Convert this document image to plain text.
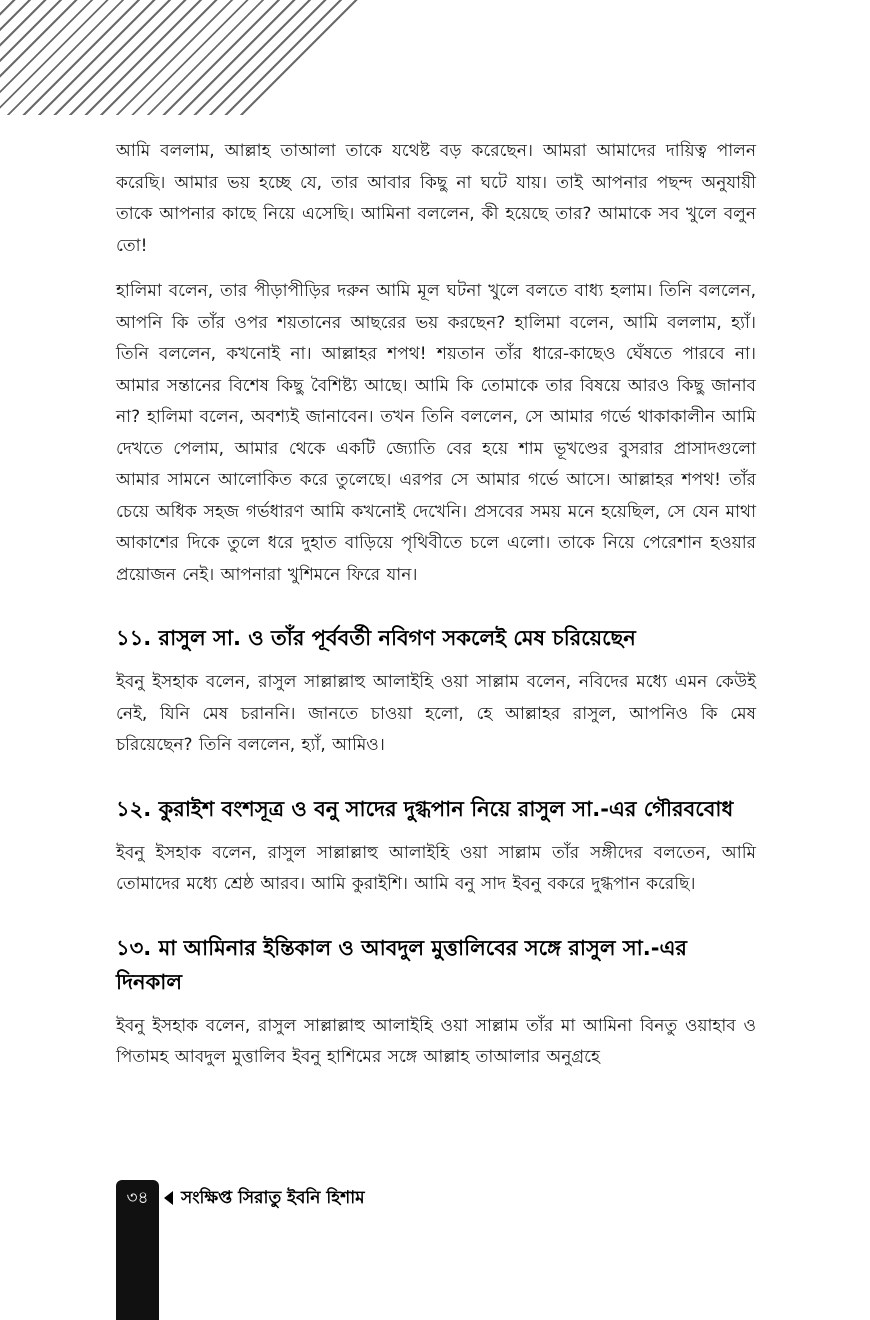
আমি বললাম, আল্লাহ তাআলা তাকে যথেষ্ট বড় করেছেন। আমরা আমাদের দায়িত্ব পালন করেছি। আমার ভয় হচ্ছে যে, তার আবার কিছু না ঘটে যায়। তাই আপনার পছন্দ অনুযায়ী তাকে আপনার কাছে নিয়ে এসেছি। আমিনা বললেন, কী হয়েছে তার? আমাকে সব খুলে বলুন তো!

হালিমা বলেন, তার পীড়াপীড়ির দরুন আমি মূল ঘটনা খুলে বলতে বাধ্য হলাম। তিনি বললেন, আপনি কি তাঁর ওপর শয়তানের আছরের ভয় করছেন? হালিমা বলেন, আমি বললাম, হ্যাঁ। তিনি বললেন, কখনোই না। আল্লাহর শপথ! শয়তান তাঁর ধারে-কাছেও ঘেঁষতে পারবে না। আমার সন্তানের বিশেষ কিছু বৈশিষ্ট্য আছে। আমি কি তোমাকে তার বিষয়ে আরও কিছু জানাব না? হালিমা বলেন, অবশ্যই জানাবেন। তখন তিনি বললেন, সে আমার গর্ভে থাকাকালীন আমি দেখতে পেলাম, আমার থেকে একটি জ্যোতি বের হয়ে শাম ভূখণ্ডের বুসরার প্রাসাদগুলো আমার সামনে আলোকিত করে তুলেছে। এরপর সে আমার গর্ভে আসে। আল্লাহর শপথ! তাঁর চেয়ে অধিক সহজ গর্ভধারণ আমি কখনোই দেখেনি। প্রসবের সময় মনে হয়েছিল, সে যেন মাথা আকাশের দিকে তুলে ধরে দুহাত বাড়িয়ে পৃথিবীতে চলে এলো। তাকে নিয়ে পেরেশান হওয়ার প্রয়োজন নেই। আপনারা খুশিমনে ফিরে যান।

১১. রাসুল সা. ও তাঁর পূর্ববর্তী নবিগণ সকলেই মেষ চরিয়েছেন

ইবনু ইসহাক বলেন, রাসুল সাল্লাল্লাহু আলাইহি ওয়া সাল্লাম বলেন, নবিদের মধ্যে এমন কেউই নেই, যিনি মেষ চরাননি। জানতে চাওয়া হলো, হে আল্লাহর রাসুল, আপনিও কি মেষ চরিয়েছেন? তিনি বললেন, হ্যাঁ, আমিও।

১২. কুরাইশ বংশসূত্র ও বনু সাদের দুগ্ধপান নিয়ে রাসুল সা.-এর গৌরববোধ

ইবনু ইসহাক বলেন, রাসুল সাল্লাল্লাহু আলাইহি ওয়া সাল্লাম তাঁর সঙ্গীদের বলতেন, আমি তোমাদের মধ্যে শ্রেষ্ঠ আরব। আমি কুরাইশি। আমি বনু সাদ ইবনু বকরে দুগ্ধপান করেছি।

১৩. মা আমিনার ইন্তিকাল ও আবদুল মুত্তালিবের সঙ্গে রাসুল সা.-এর দিনকাল

ইবনু ইসহাক বলেন, রাসুল সাল্লাল্লাহু আলাইহি ওয়া সাল্লাম তাঁর মা আমিনা বিনতু ওয়াহাব ও পিতামহ আবদুল মুত্তালিব ইবনু হাশিমের সঙ্গে আল্লাহ তাআলার অনুগ্রহে

৩৪	সংক্ষিপ্ত সিরাতু ইবনি হিশাম
